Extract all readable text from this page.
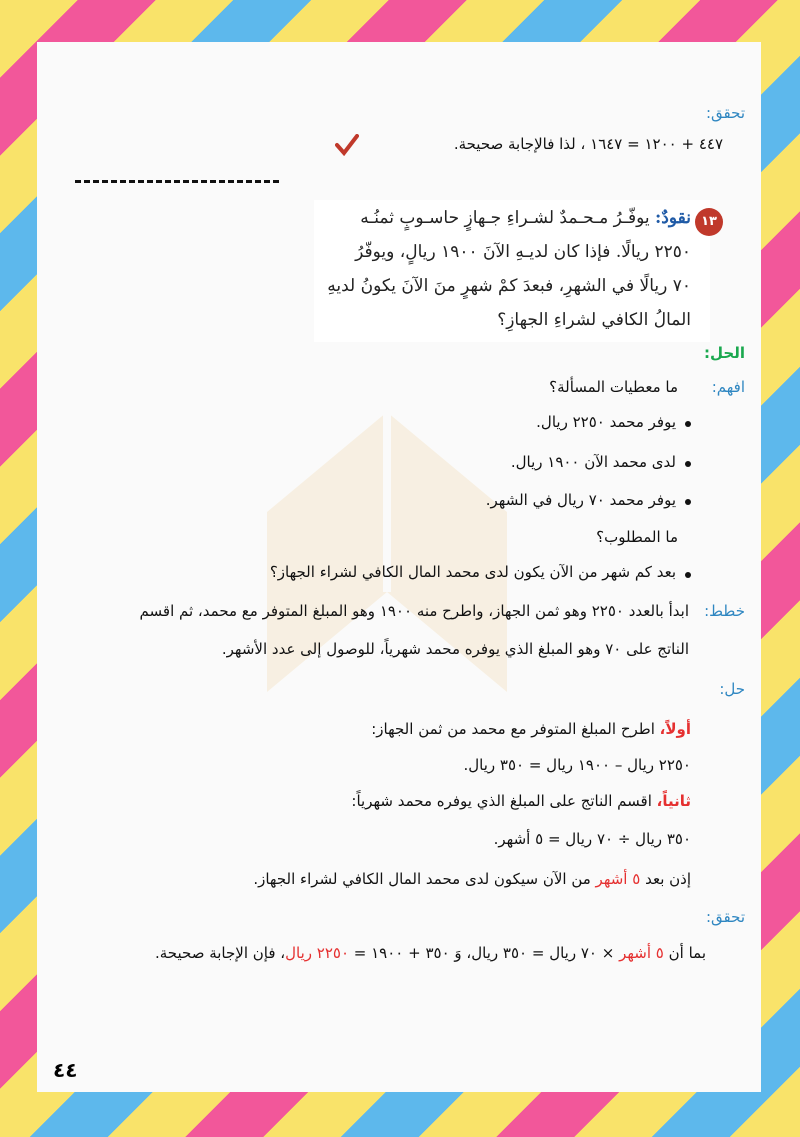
تحقق:
٤٤٧ + ١٢٠٠ = ١٦٤٧ ، لذا فالإجابة صحيحة.
١٣
نقودٌ: يوفّـرُ مـحـمدٌ لشـراءِ جـهازٍ حاسـوبٍ ثمنُـه
٢٢٥٠ ريالًا. فإذا كان لديـهِ الآنَ ١٩٠٠ ريالٍ، ويوفّرُ
٧٠ ريالًا في الشهرِ، فبعدَ كمْ شهرٍ منَ الآنَ يكونُ لديهِ
المالُ الكافي لشراءِ الجهازِ؟
الحل:
افهم:
ما معطيات المسألة؟
يوفر محمد ٢٢٥٠ ريال.
لدى محمد الآن ١٩٠٠ ريال.
يوفر محمد ٧٠ ريال في الشهر.
ما المطلوب؟
بعد كم شهر من الآن يكون لدى محمد المال الكافي لشراء الجهاز؟
خطط:
ابدأ بالعدد ٢٢٥٠ وهو ثمن الجهاز، واطرح منه ١٩٠٠ وهو المبلغ المتوفر مع محمد، ثم اقسم
الناتج على ٧٠ وهو المبلغ الذي يوفره محمد شهرياً، للوصول إلى عدد الأشهر.
حل:
أولاً، اطرح المبلغ المتوفر مع محمد من ثمن الجهاز:
٢٢٥٠ ريال – ١٩٠٠ ريال = ٣٥٠ ريال.
ثانياً، اقسم الناتج على المبلغ الذي يوفره محمد شهرياً:
٣٥٠ ريال ÷ ٧٠ ريال = ٥ أشهر.
إذن بعد ٥ أشهر من الآن سيكون لدى محمد المال الكافي لشراء الجهاز.
تحقق:
بما أن ٥ أشهر × ٧٠ ريال = ٣٥٠ ريال، وَ ٣٥٠ + ١٩٠٠ = ٢٢٥٠ ريال، فإن الإجابة صحيحة.
٤٤
